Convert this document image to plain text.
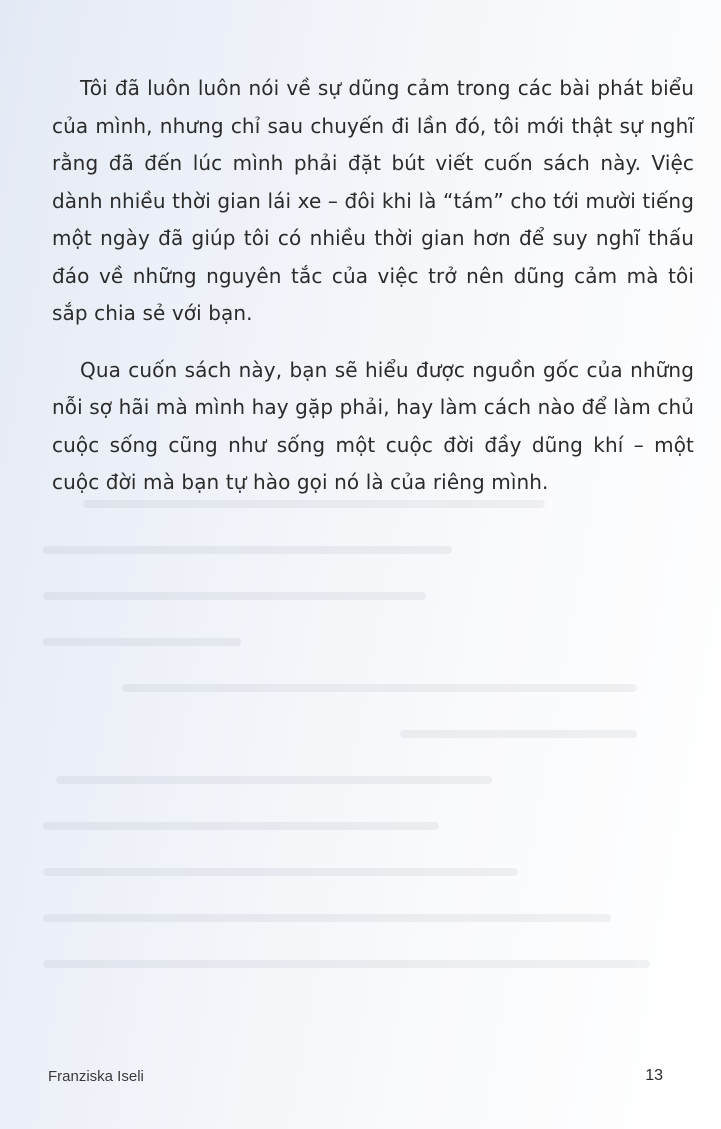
Tôi đã luôn luôn nói về sự dũng cảm trong các bài phát biểu của mình, nhưng chỉ sau chuyến đi lần đó, tôi mới thật sự nghĩ rằng đã đến lúc mình phải đặt bút viết cuốn sách này. Việc dành nhiều thời gian lái xe – đôi khi là “tám” cho tới mười tiếng một ngày đã giúp tôi có nhiều thời gian hơn để suy nghĩ thấu đáo về những nguyên tắc của việc trở nên dũng cảm mà tôi sắp chia sẻ với bạn.

Qua cuốn sách này, bạn sẽ hiểu được nguồn gốc của những nỗi sợ hãi mà mình hay gặp phải, hay làm cách nào để làm chủ cuộc sống cũng như sống một cuộc đời đầy dũng khí – một cuộc đời mà bạn tự hào gọi nó là của riêng mình.

Franziska Iseli	13
